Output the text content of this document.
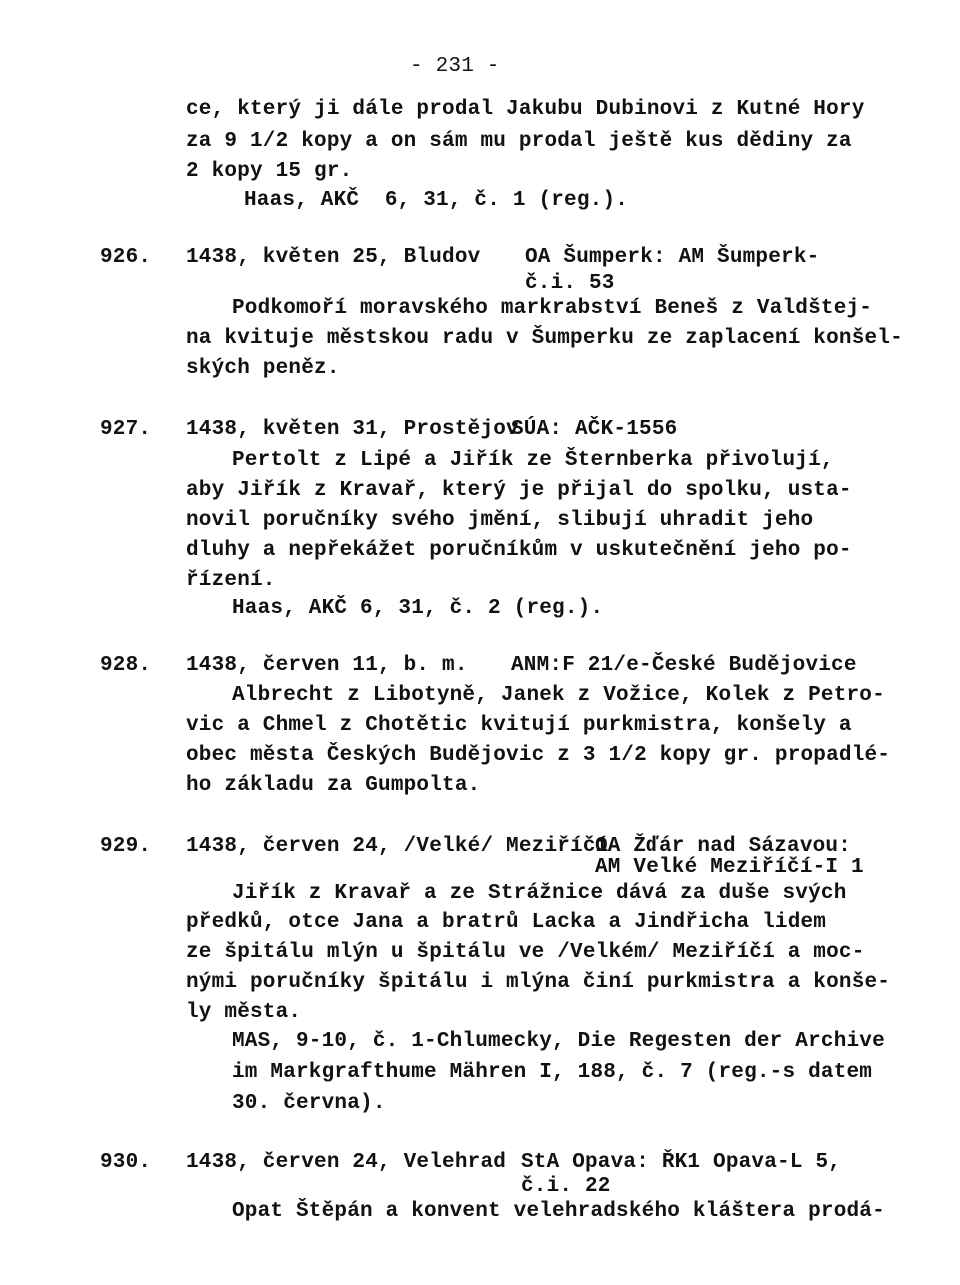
- 231 -
ce, který ji dále prodal Jakubu Dubinovi z Kutné Hory
za 9 1/2 kopy a on sám mu prodal ještě kus dědiny za
2 kopy 15 gr.
Haas, AKČ  6, 31, č. 1 (reg.).
926. 1438, květen 25, Bludov OA Šumperk: AM Šumperk-
č.i. 53
Podkomoří moravského markrabství Beneš z Valdštej-
na kvituje městskou radu v Šumperku ze zaplacení konšel-
ských peněz.
927. 1438, květen 31, Prostějov
SÚA: AČK-1556
Pertolt z Lipé a Jiřík ze Šternberka přivolují,
aby Jiřík z Kravař, který je přijal do spolku, usta-
novil poručníky svého jmění, slibují uhradit jeho
dluhy a nepřekážet poručníkům v uskutečnění jeho po-
řízení.
Haas, AKČ 6, 31, č. 2 (reg.).
928. 1438, červen 11, b. m. ANM:F 21/e-České Budějovice
Albrecht z Libotyně, Janek z Vožice, Kolek z Petro-
vic a Chmel z Chotětic kvitují purkmistra, konšely a
obec města Českých Budějovic z 3 1/2 kopy gr. propadlé-
ho základu za Gumpolta.
929. 1438, červen 24, /Velké/ Meziříčí
OA Žďár nad Sázavou:
AM Velké Meziříčí-I 1
Jiřík z Kravař a ze Strážnice dává za duše svých
předků, otce Jana a bratrů Lacka a Jindřicha lidem
ze špitálu mlýn u špitálu ve /Velkém/ Meziříčí a moc-
nými poručníky špitálu i mlýna činí purkmistra a konše-
ly města.
MAS, 9-10, č. 1-Chlumecky, Die Regesten der Archive
im Markgrafthume Mähren I, 188, č. 7 (reg.-s datem
30. června).
930. 1438, červen 24, Velehrad StA Opava: ŘK1 Opava-L 5,
č.i. 22
Opat Štěpán a konvent velehradského kláštera prodá-
